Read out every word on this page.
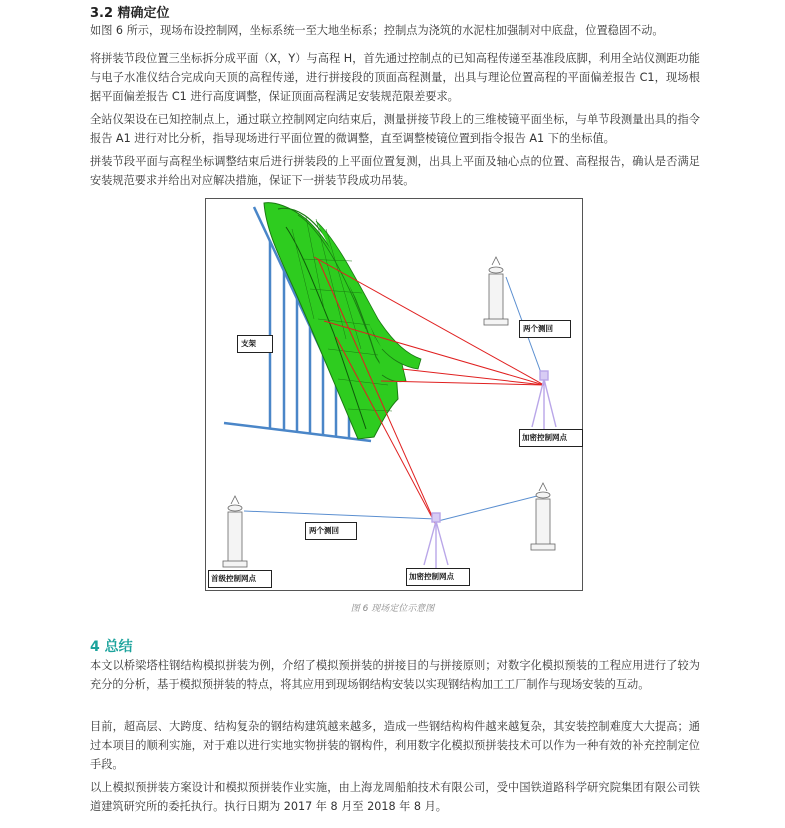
3.2 精确定位

如图 6 所示，现场布设控制网，坐标系统一至大地坐标系；控制点为浇筑的水泥柱加强制对中底盘，位置稳固不动。

将拼装节段位置三坐标拆分成平面（X，Y）与高程 H，首先通过控制点的已知高程传递至基准段底脚，利用全站仪测距功能与电子水准仪结合完成向天顶的高程传递，进行拼接段的顶面高程测量，出具与理论位置高程的平面偏差报告 C1，现场根据平面偏差报告 C1 进行高度调整，保证顶面高程满足安装规范限差要求。

全站仪架设在已知控制点上，通过联立控制网定向结束后，测量拼接节段上的三维棱镜平面坐标，与单节段测量出具的指令报告 A1 进行对比分析，指导现场进行平面位置的微调整，直至调整棱镜位置到指令报告 A1 下的坐标值。

拼装节段平面与高程坐标调整结束后进行拼装段的上平面位置复测，出具上平面及轴心点的位置、高程报告，确认是否满足安装规范要求并给出对应解决措施，保证下一拼装节段成功吊装。

支架
两个测回
两个测回
加密控制网点
加密控制网点
首级控制网点
图 6 现场定位示意图
4 总结

本文以桥梁塔柱钢结构模拟拼装为例，介绍了模拟预拼装的拼接目的与拼接原则；对数字化模拟预装的工程应用进行了较为充分的分析，基于模拟预拼装的特点，将其应用到现场钢结构安装以实现钢结构加工工厂制作与现场安装的互动。

目前，超高层、大跨度、结构复杂的钢结构建筑越来越多，造成一些钢结构构件越来越复杂，其安装控制难度大大提高；通过本项目的顺利实施，对于难以进行实地实物拼装的钢构件，利用数字化模拟预拼装技术可以作为一种有效的补充控制定位手段。

以上模拟预拼装方案设计和模拟预拼装作业实施，由上海龙周船舶技术有限公司，受中国铁道路科学研究院集团有限公司铁道建筑研究所的委托执行。执行日期为 2017 年 8 月至 2018 年 8 月。
